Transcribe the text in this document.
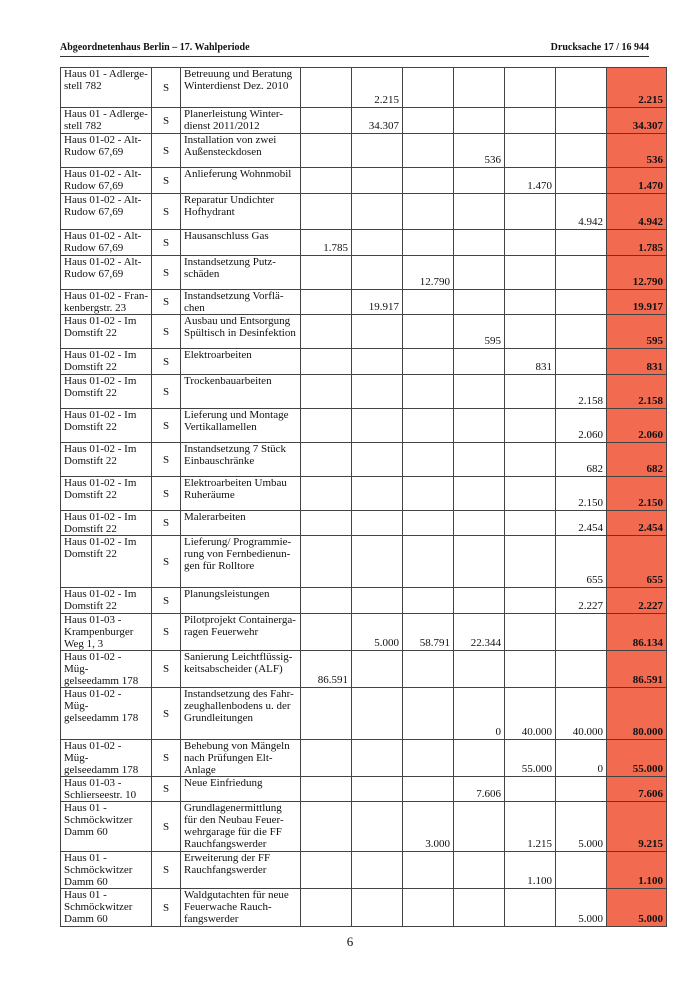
Abgeordnetenhaus Berlin – 17. Wahlperiode	Drucksache 17 / 16 944
Haus 01 - Adlerge-
stell 782	S	Betreuung und Beratung
Winterdienst Dez. 2010		2.215					2.215
Haus 01 - Adlerge-
stell 782	S	Planerleistung Winter-
dienst 2011/2012		34.307					34.307
Haus 01-02 - Alt-
Rudow 67,69	S	Installation von zwei
Außensteckdosen				536			536
Haus 01-02 - Alt-
Rudow 67,69	S	Anlieferung Wohnmobil					1.470		1.470
Haus 01-02 - Alt-
Rudow 67,69	S	Reparatur Undichter
Hofhydrant						4.942	4.942
Haus 01-02 - Alt-
Rudow 67,69	S	Hausanschluss Gas	1.785						1.785
Haus 01-02 - Alt-
Rudow 67,69	S	Instandsetzung Putz-
schäden			12.790				12.790
Haus 01-02 - Fran-
kenbergstr. 23	S	Instandsetzung Vorflä-
chen		19.917					19.917
Haus 01-02 - Im
Domstift 22	S	Ausbau und Entsorgung
Spültisch in Desinfektion				595			595
Haus 01-02 - Im
Domstift 22	S	Elektroarbeiten					831		831
Haus 01-02 - Im
Domstift 22	S	Trockenbauarbeiten						2.158	2.158
Haus 01-02 - Im
Domstift 22	S	Lieferung und Montage
Vertikallamellen						2.060	2.060
Haus 01-02 - Im
Domstift 22	S	Instandsetzung 7 Stück
Einbauschränke						682	682
Haus 01-02 - Im
Domstift 22	S	Elektroarbeiten Umbau
Ruheräume						2.150	2.150
Haus 01-02 - Im
Domstift 22	S	Malerarbeiten						2.454	2.454
Haus 01-02 - Im
Domstift 22	S	Lieferung/ Programmie-
rung von Fernbedienun-
gen für Rolltore						655	655
Haus 01-02 - Im
Domstift 22	S	Planungsleistungen						2.227	2.227
Haus 01-03 -
Krampenburger
Weg 1, 3	S	Pilotprojekt Containerga-
ragen Feuerwehr		5.000	58.791	22.344			86.134
Haus 01-02 - Müg-
gelseedamm 178	S	Sanierung Leichtflüssig-
keitsabscheider (ALF)	86.591						86.591
Haus 01-02 - Müg-
gelseedamm 178	S	Instandsetzung des Fahr-
zeughallenbodens u. der
Grundleitungen				0	40.000	40.000	80.000
Haus 01-02 - Müg-
gelseedamm 178	S	Behebung von Mängeln
nach Prüfungen Elt-
Anlage					55.000	0	55.000
Haus 01-03 -
Schlierseestr. 10	S	Neue Einfriedung				7.606			7.606
Haus 01 -
Schmöckwitzer
Damm 60	S	Grundlagenermittlung
für den Neubau Feuer-
wehrgarage für die FF
Rauchfangswerder			3.000		1.215	5.000	9.215
Haus 01 -
Schmöckwitzer
Damm 60	S	Erweiterung der FF
Rauchfangswerder					1.100		1.100
Haus 01 -
Schmöckwitzer
Damm 60	S	Waldgutachten für neue
Feuerwache Rauch-
fangswerder						5.000	5.000
6
